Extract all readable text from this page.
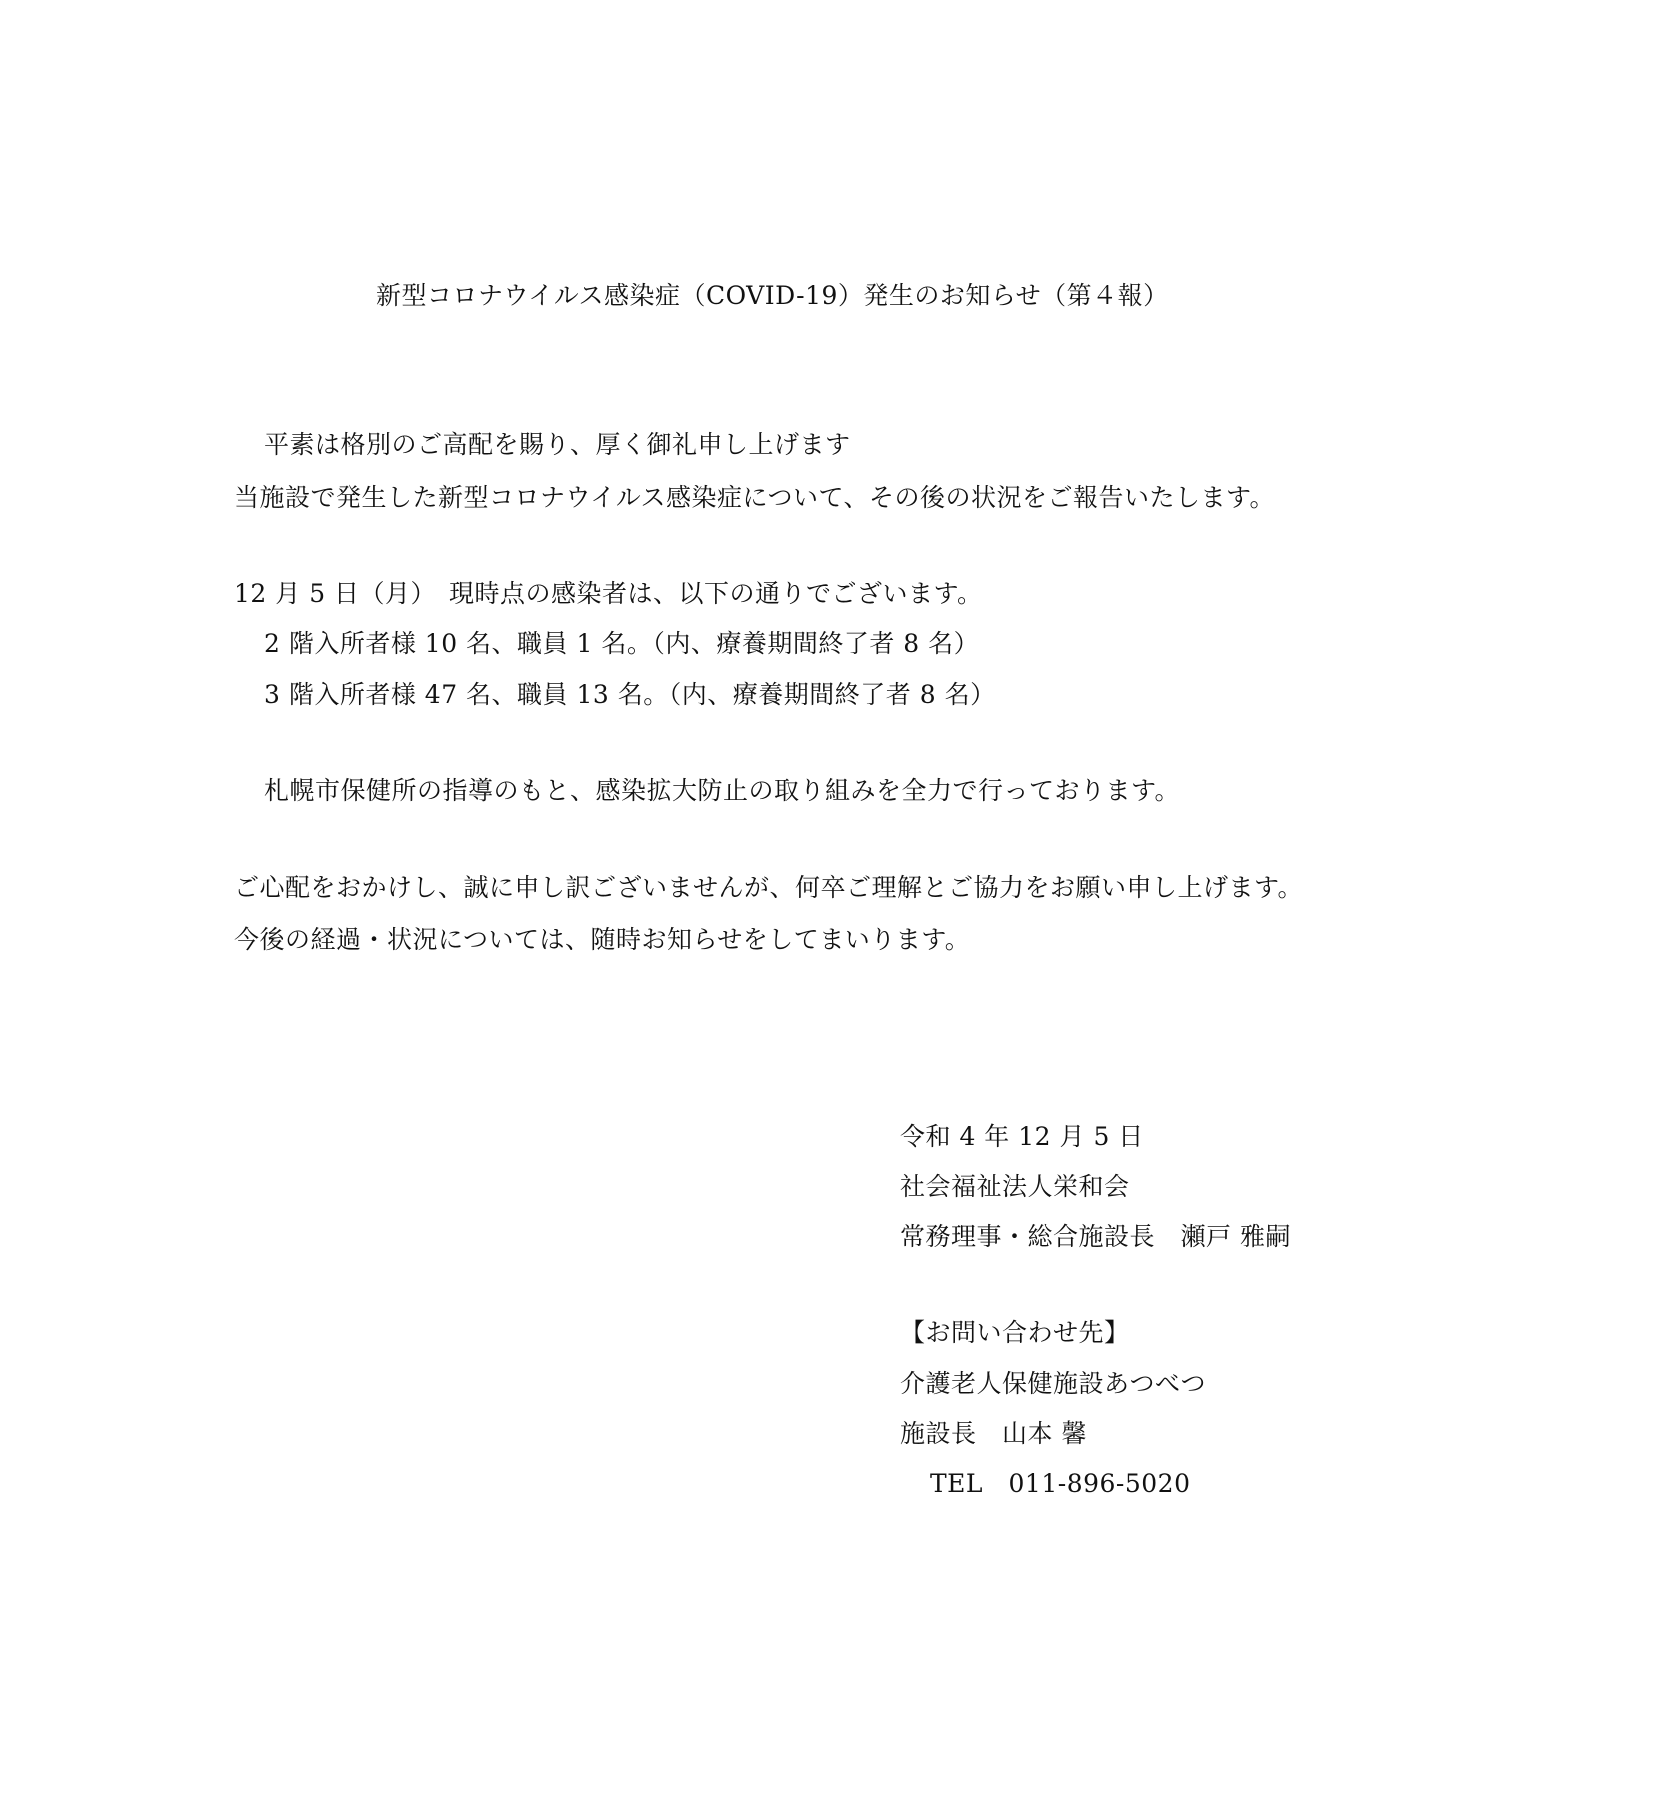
新型コロナウイルス感染症（COVID-19）発生のお知らせ（第４報）
平素は格別のご高配を賜り、厚く御礼申し上げます
当施設で発生した新型コロナウイルス感染症について、その後の状況をご報告いたします。
12 月 5 日（月）　現時点の感染者は、以下の通りでございます。
2 階入所者様 10 名、職員 1 名。（内、療養期間終了者 8 名）
3 階入所者様 47 名、職員 13 名。（内、療養期間終了者 8 名）
札幌市保健所の指導のもと、感染拡大防止の取り組みを全力で行っております。
ご心配をおかけし、誠に申し訳ございませんが、何卒ご理解とご協力をお願い申し上げます。
今後の経過・状況については、随時お知らせをしてまいります。
令和 4 年 12 月 5 日
社会福祉法人栄和会
常務理事・総合施設長　瀬戸 雅嗣
【お問い合わせ先】
介護老人保健施設あつべつ
施設長　山本 馨
TEL　011-896-5020
